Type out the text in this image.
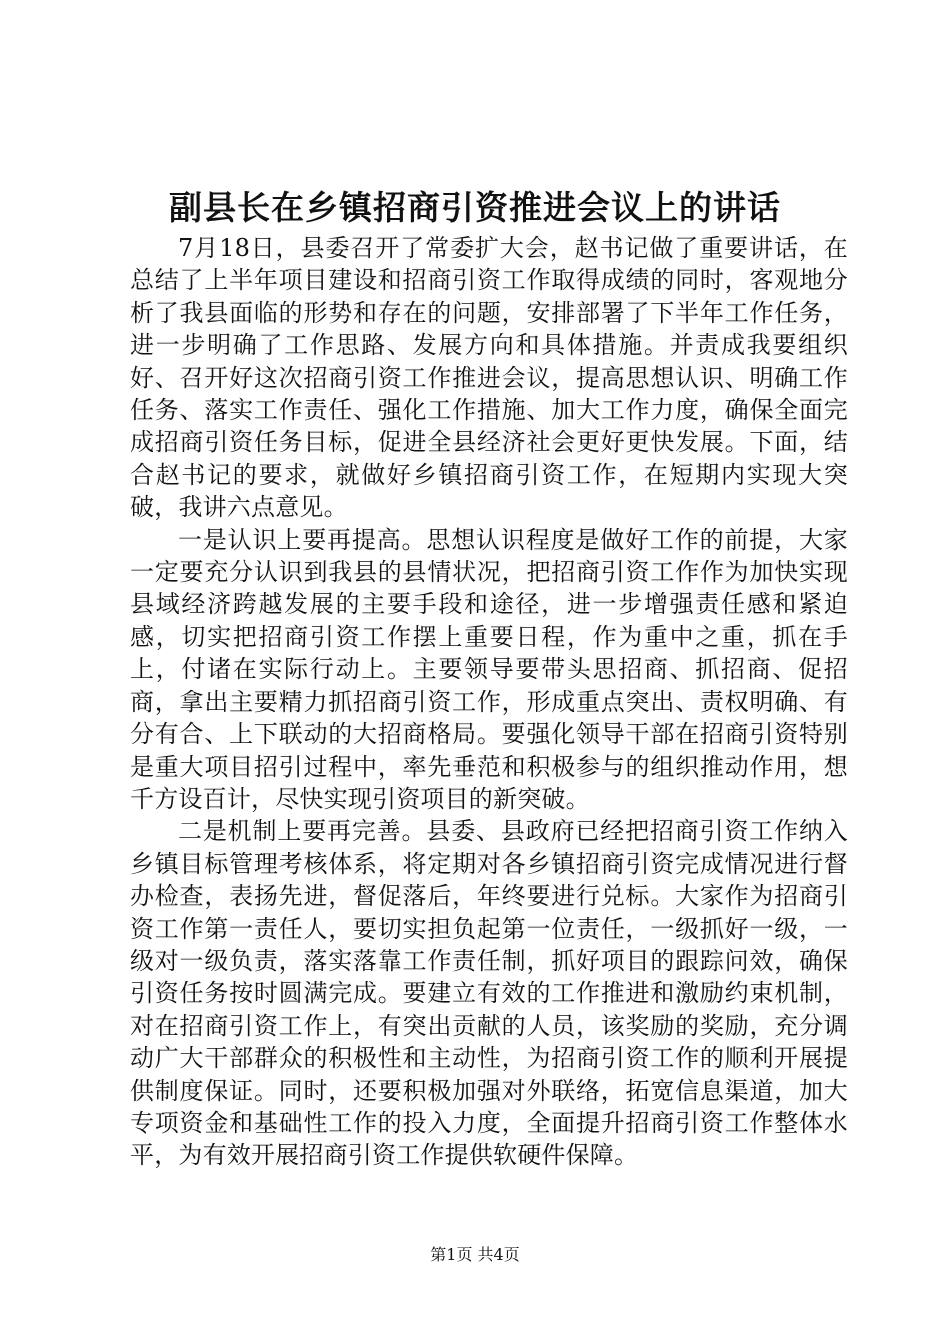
副县长在乡镇招商引资推进会议上的讲话

7月18日，县委召开了常委扩大会，赵书记做了重要讲话，在总结了上半年项目建设和招商引资工作取得成绩的同时，客观地分析了我县面临的形势和存在的问题，安排部署了下半年工作任务，进一步明确了工作思路、发展方向和具体措施。并责成我要组织好、召开好这次招商引资工作推进会议，提高思想认识、明确工作任务、落实工作责任、强化工作措施、加大工作力度，确保全面完成招商引资任务目标，促进全县经济社会更好更快发展。下面，结合赵书记的要求，就做好乡镇招商引资工作，在短期内实现大突破，我讲六点意见。

一是认识上要再提高。思想认识程度是做好工作的前提，大家一定要充分认识到我县的县情状况，把招商引资工作作为加快实现县域经济跨越发展的主要手段和途径，进一步增强责任感和紧迫感，切实把招商引资工作摆上重要日程，作为重中之重，抓在手上，付诸在实际行动上。主要领导要带头思招商、抓招商、促招商，拿出主要精力抓招商引资工作，形成重点突出、责权明确、有分有合、上下联动的大招商格局。要强化领导干部在招商引资特别是重大项目招引过程中，率先垂范和积极参与的组织推动作用，想千方设百计，尽快实现引资项目的新突破。

二是机制上要再完善。县委、县政府已经把招商引资工作纳入乡镇目标管理考核体系，将定期对各乡镇招商引资完成情况进行督办检查，表扬先进，督促落后，年终要进行兑标。大家作为招商引资工作第一责任人，要切实担负起第一位责任，一级抓好一级，一级对一级负责，落实落靠工作责任制，抓好项目的跟踪问效，确保引资任务按时圆满完成。要建立有效的工作推进和激励约束机制，对在招商引资工作上，有突出贡献的人员，该奖励的奖励，充分调动广大干部群众的积极性和主动性，为招商引资工作的顺利开展提供制度保证。同时，还要积极加强对外联络，拓宽信息渠道，加大专项资金和基础性工作的投入力度，全面提升招商引资工作整体水平，为有效开展招商引资工作提供软硬件保障。

第1页 共4页
